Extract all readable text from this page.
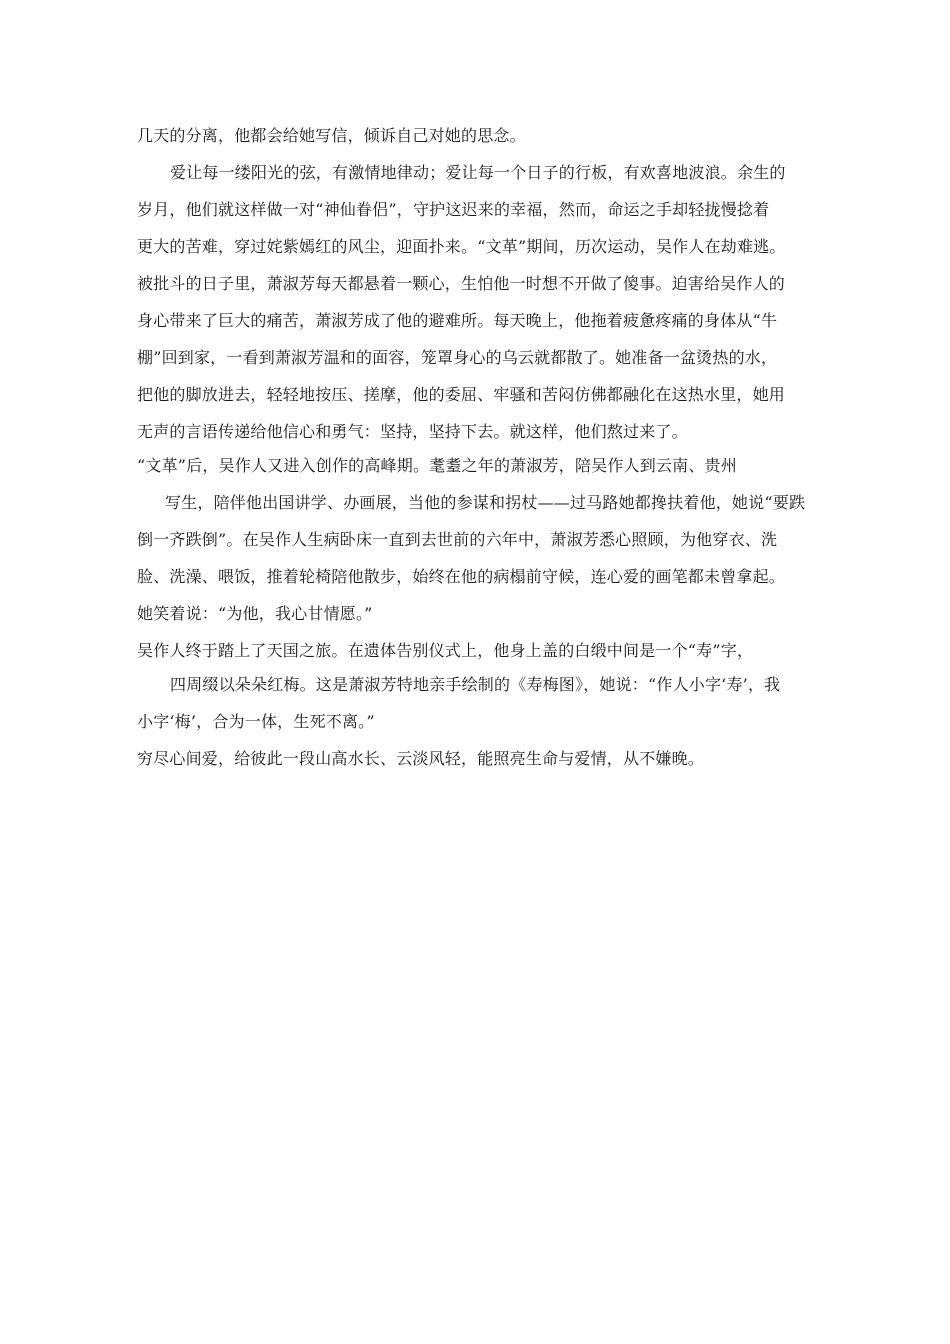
几天的分离，他都会给她写信，倾诉自己对她的思念。
爱让每一缕阳光的弦，有激情地律动；爱让每一个日子的行板，有欢喜地波浪。余生的
岁月，他们就这样做一对“神仙眷侣”，守护这迟来的幸福，然而，命运之手却轻拢慢捻着
更大的苦难，穿过姹紫嫣红的风尘，迎面扑来。“文革”期间，历次运动，吴作人在劫难逃。
被批斗的日子里，萧淑芳每天都悬着一颗心，生怕他一时想不开做了傻事。迫害给吴作人的
身心带来了巨大的痛苦，萧淑芳成了他的避难所。每天晚上，他拖着疲惫疼痛的身体从“牛
棚”回到家，一看到萧淑芳温和的面容，笼罩身心的乌云就都散了。她准备一盆烫热的水，
把他的脚放进去，轻轻地按压、搓摩，他的委屈、牢骚和苦闷仿佛都融化在这热水里，她用
无声的言语传递给他信心和勇气：坚持，坚持下去。就这样，他们熬过来了。
“文革”后，吴作人又进入创作的高峰期。耄耋之年的萧淑芳，陪吴作人到云南、贵州
写生，陪伴他出国讲学、办画展，当他的参谋和拐杖——过马路她都搀扶着他，她说“要跌
倒一齐跌倒”。在吴作人生病卧床一直到去世前的六年中，萧淑芳悉心照顾，为他穿衣、洗
脸、洗澡、喂饭，推着轮椅陪他散步，始终在他的病榻前守候，连心爱的画笔都未曾拿起。
她笑着说：“为他，我心甘情愿。”
吴作人终于踏上了天国之旅。在遗体告别仪式上，他身上盖的白缎中间是一个“寿”字，
四周缀以朵朵红梅。这是萧淑芳特地亲手绘制的《寿梅图》，她说：“作人小字‘寿’，我
小字‘梅’，合为一体，生死不离。”
穷尽心间爱，给彼此一段山高水长、云淡风轻，能照亮生命与爱情，从不嫌晚。
